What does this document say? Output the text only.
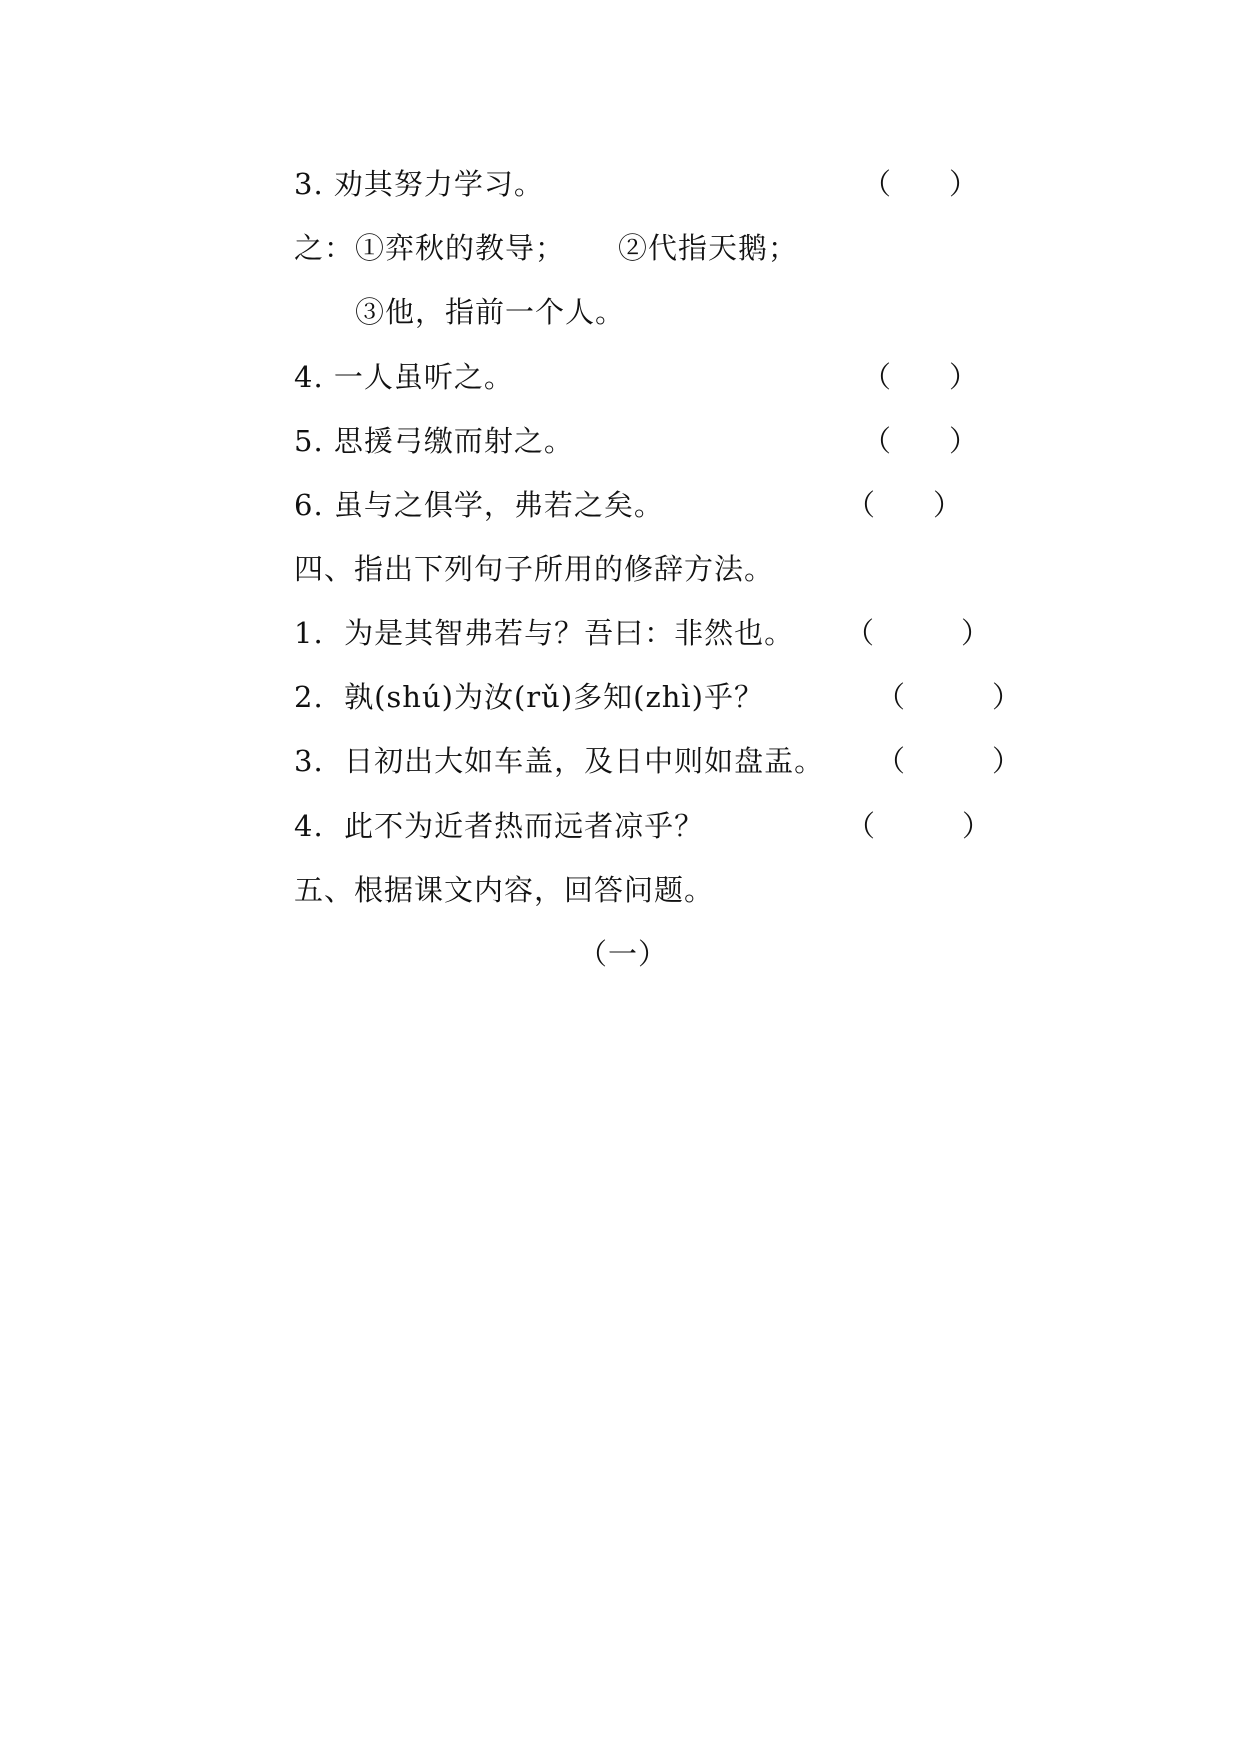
3. 劝其努力学习。	（　　）
之： ①弈秋的教导； ②代指天鹅；
③他，指前一个人。
4. 一人虽听之。	（　　）
5. 思援弓缴而射之。	（　　）
6. 虽与之俱学，弗若之矣。	（　　）
四、指出下列句子所用的修辞方法。
1.  为是其智弗若与？吾曰：非然也。 （　　　）
2.  孰(shú)为汝(rǔ)多知(zhì)乎？	（　　　）
3.  日初出大如车盖，及日中则如盘盂。 （　　　）
4.  此不为近者热而远者凉乎？	（　　　）
五、根据课文内容，回答问题。
（一）
